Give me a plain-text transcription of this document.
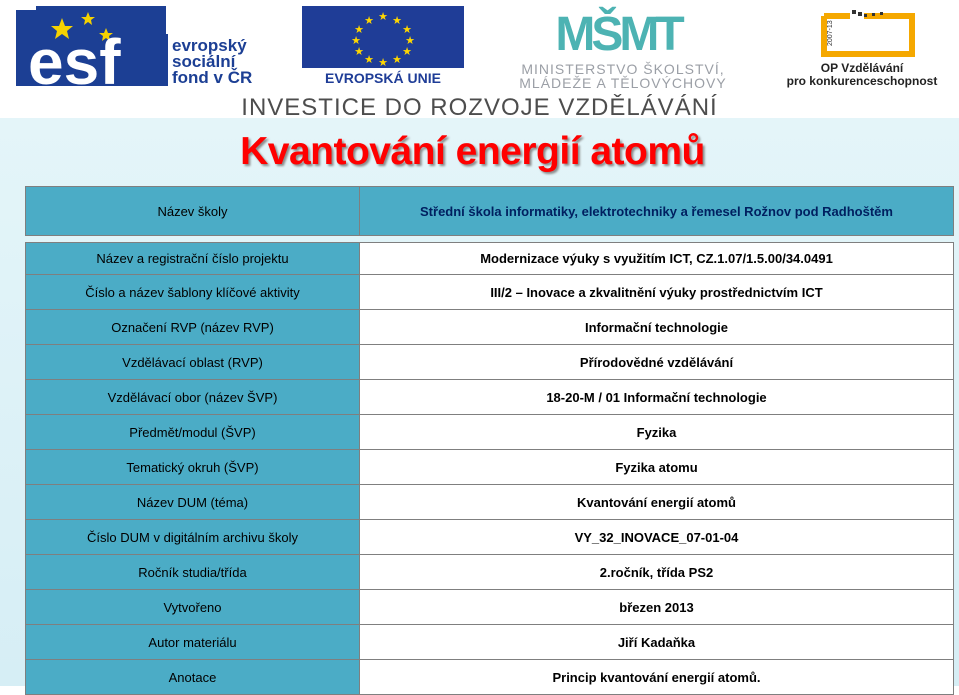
esf	evropský
sociální
fond v ČR
★ ★
★
★
★
★
★
★
★
★
★
★
EVROPSKÁ UNIE
MŠMT
MINISTERSTVO ŠKOLSTVÍ,
MLÁDEŽE A TĚLOVÝCHOVY
2007-13
OP Vzdělávání
pro konkurenceschopnost
INVESTICE DO ROZVOJE VZDĚLÁVÁNÍ
Kvantování energií atomů
Název školy	Střední škola informatiky, elektrotechniky a řemesel Rožnov pod Radhoštěm

Název a registrační číslo projektu	Modernizace výuky s využitím ICT, CZ.1.07/1.5.00/34.0491
Číslo a název šablony klíčové aktivity	III/2 – Inovace a zkvalitnění výuky prostřednictvím ICT
Označení RVP (název RVP)	Informační technologie
Vzdělávací oblast (RVP)	Přírodovědné vzdělávání
Vzdělávací obor (název ŠVP)	18-20-M / 01 Informační technologie
Předmět/modul (ŠVP)	Fyzika
Tematický okruh (ŠVP)	Fyzika atomu
Název DUM (téma)	Kvantování energií atomů
Číslo DUM v digitálním archivu školy	VY_32_INOVACE_07-01-04
Ročník studia/třída	2.ročník, třída PS2
Vytvořeno	březen 2013
Autor materiálu	Jiří Kadaňka
Anotace	Princip kvantování energií atomů.
